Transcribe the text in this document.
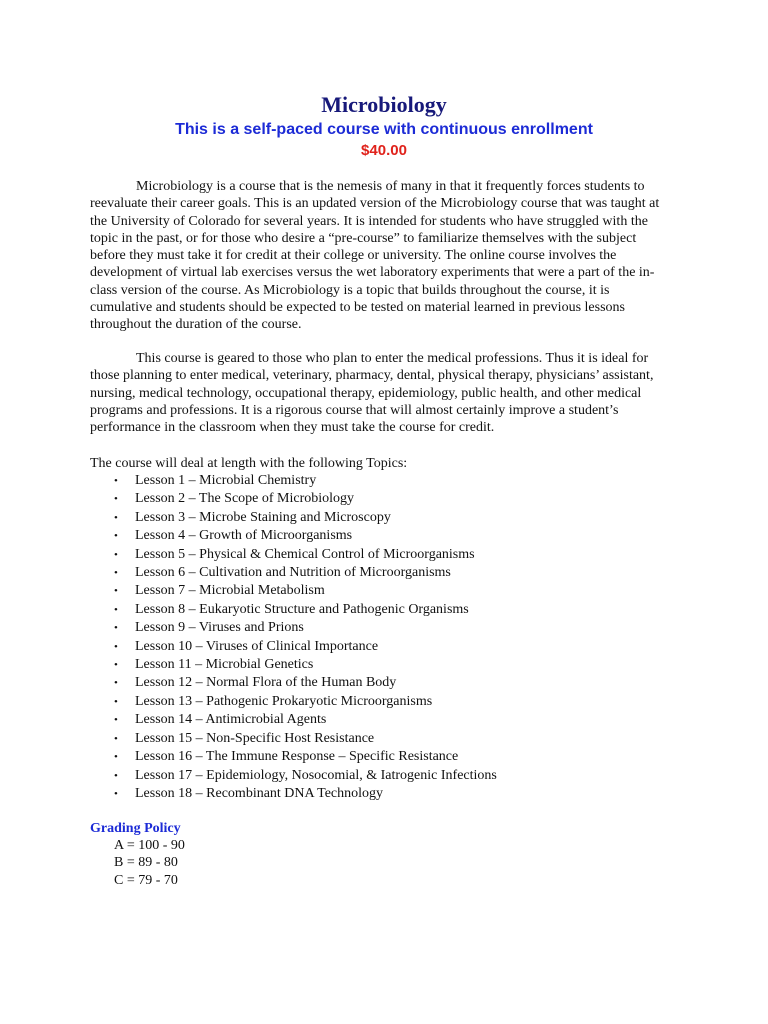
Microbiology

This is a self-paced course with continuous enrollment

$40.00

Microbiology is a course that is the nemesis of many in that it frequently forces students to reevaluate their career goals. This is an updated version of the Microbiology course that was taught at the University of Colorado for several years. It is intended for students who have struggled with the topic in the past, or for those who desire a “pre-course” to familiarize themselves with the subject before they must take it for credit at their college or university. The online course involves the development of virtual lab exercises versus the wet laboratory experiments that were a part of the in-class version of the course. As Microbiology is a topic that builds throughout the course, it is cumulative and students should be expected to be tested on material learned in previous lessons throughout the duration of the course.

This course is geared to those who plan to enter the medical professions. Thus it is ideal for those planning to enter medical, veterinary, pharmacy, dental, physical therapy, physicians’ assistant, nursing, medical technology, occupational therapy, epidemiology, public health, and other medical programs and professions. It is a rigorous course that will almost certainly improve a student’s performance in the classroom when they must take the course for credit.

The course will deal at length with the following Topics:

• Lesson 1 – Microbial Chemistry
• Lesson 2 – The Scope of Microbiology
• Lesson 3 – Microbe Staining and Microscopy
• Lesson 4 – Growth of Microorganisms
• Lesson 5 – Physical & Chemical Control of Microorganisms
• Lesson 6 – Cultivation and Nutrition of Microorganisms
• Lesson 7 – Microbial Metabolism
• Lesson 8 – Eukaryotic Structure and Pathogenic Organisms
• Lesson 9 – Viruses and Prions
• Lesson 10 – Viruses of Clinical Importance
• Lesson 11 – Microbial Genetics
• Lesson 12 – Normal Flora of the Human Body
• Lesson 13 – Pathogenic Prokaryotic Microorganisms
• Lesson 14 – Antimicrobial Agents
• Lesson 15 – Non-Specific Host Resistance
• Lesson 16 – The Immune Response – Specific Resistance
• Lesson 17 – Epidemiology, Nosocomial, & Iatrogenic Infections
• Lesson 18 – Recombinant DNA Technology

Grading Policy

A = 100 - 90
B = 89 - 80
C = 79 - 70
